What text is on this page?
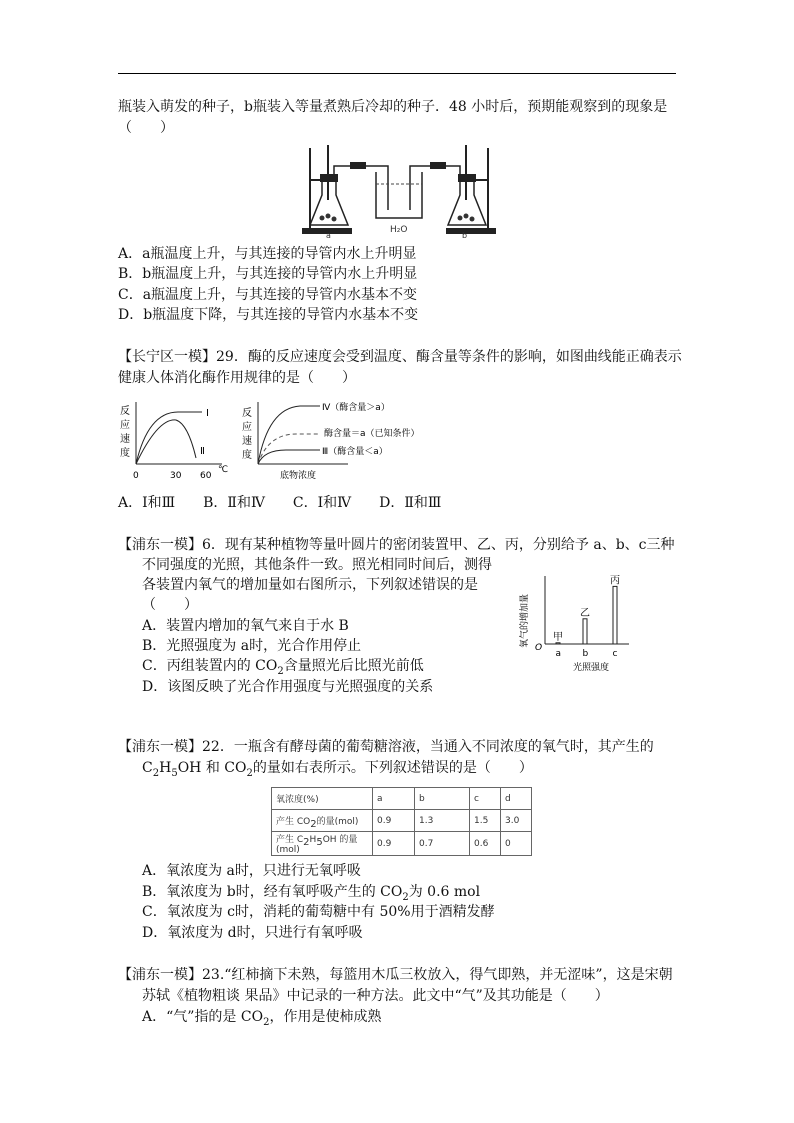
瓶装入萌发的种子，b瓶装入等量煮熟后冷却的种子．48 小时后，预期能观察到的现象是
（　　）
a	b
H₂O
A．a瓶温度上升，与其连接的导管内水上升明显
B．b瓶温度上升，与其连接的导管内水上升明显
C．a瓶温度上升，与其连接的导管内水基本不变
D．b瓶温度下降，与其连接的导管内水基本不变
【长宁区一模】29．酶的反应速度会受到温度、酶含量等条件的影响，如图曲线能正确表示
健康人体消化酶作用规律的是（　　）
反
应
速
度
Ⅰ
Ⅱ
0	30 60
℃
反
应
速
度
Ⅳ（酶含量＞a）
酶含量＝a（已知条件）
Ⅲ（酶含量＜a）
底物浓度
A．Ⅰ和Ⅲ　　B．Ⅱ和Ⅳ　　C．Ⅰ和Ⅳ　　D．Ⅱ和Ⅲ
【浦东一模】6．现有某种植物等量叶圆片的密闭装置甲、乙、丙，分别给予 a、b、c三种
不同强度的光照，其他条件一致。照光相同时间后，测得
各装置内氧气的增加量如右图所示，下列叙述错误的是
（　　）
A．装置内增加的氧气来自于水 B
B．光照强度为 a时，光合作用停止
C．丙组装置内的 $CO_2$含量照光后比照光前低
D．该图反映了光合作用强度与光照强度的关系
氧气的增加量 O
光照强度
甲
a
乙
b
丙
c
【浦东一模】22．一瓶含有酵母菌的葡萄糖溶液，当通入不同浓度的氧气时，其产生的
$C_2H_5OH$ 和 $CO_2$的量如右表所示。下列叙述错误的是（　　）
氧浓度(%)	a	b	c	d
产生 $CO_2$的量(mol)	0.9	1.3	1.5	3.0
产生 $C_2H_5OH$ 的量(mol)	0.9	0.7	0.6	0
A．氧浓度为 a时，只进行无氧呼吸
B．氧浓度为 b时，经有氧呼吸产生的 $CO_2$为 0.6 mol
C．氧浓度为 c时，消耗的葡萄糖中有 50%用于酒精发酵
D．氧浓度为 d时，只进行有氧呼吸
【浦东一模】23.“红柿摘下未熟，每篮用木瓜三枚放入，得气即熟，并无涩味”，这是宋朝
苏轼《植物粗谈 果品》中记录的一种方法。此文中“气”及其功能是（　　）
A．“气”指的是 $CO_2$，作用是使柿成熟
